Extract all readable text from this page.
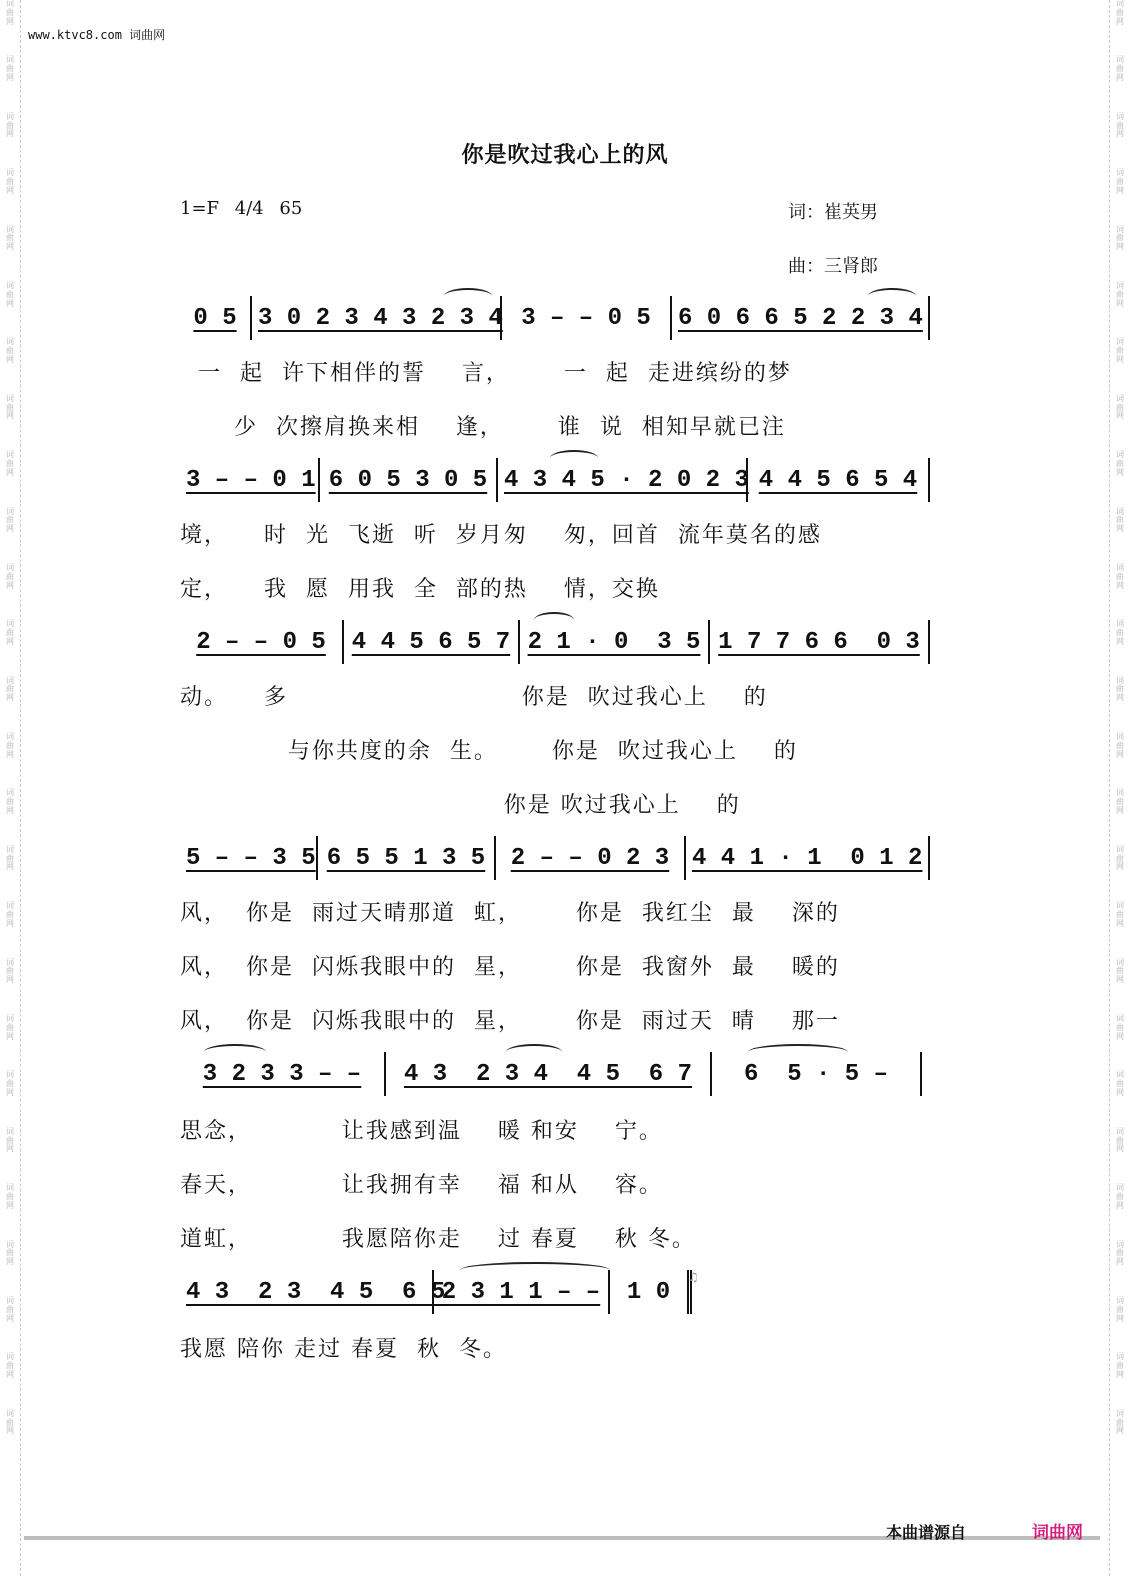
词
曲
网
词
曲
网
词
曲
网
词
曲
网
词
曲
网
词
曲
网
词
曲
网
词
曲
网
词
曲
网
词
曲
网
词
曲
网
词
曲
网
词
曲
网
词
曲
网
词
曲
网
词
曲
网
词
曲
网
词
曲
网
词
曲
网
词
曲
网
词
曲
网
词
曲
网
词
曲
网
词
曲
网
词
曲
网
词
曲
网
词
曲
网
词
曲
网
词
曲
网
词
曲
网
词
曲
网
词
曲
网
词
曲
网
词
曲
网
词
曲
网
词
曲
网
词
曲
网
词
曲
网
词
曲
网
词
曲
网
词
曲
网
词
曲
网
词
曲
网
词
曲
网
词
曲
网
词
曲
网
词
曲
网
词
曲
网
词
曲
网
词
曲
网
词
曲
网
词
曲
网
www.ktvc8.com 词曲网
你是吹过我心上的风
1=F 4/4 65	词：崔英男
曲：三肾郎
0 5 3 0 2 3 4 3 2 3 4 3 – – 0 5 6 0 6 6 5 2 2 3 4
一  起  许下相伴的誓    言，      一  起  走进缤纷的梦
少  次擦肩换来相    逢，      谁  说  相知早就已注
3 – – 0 1 6 0 5 3 0 5 4 3 4 5 · 2 0 2 3 4 4 5 6 5 4
境，    时  光  飞逝  听  岁月匆    匆，回首  流年莫名的感
定，    我  愿  用我  全  部的热    情，交换
2 – – 0 5 4 4 5 6 5 7 2 1 · 0  3 5 1 7 7 6 6  0 3
动。    多                          你是  吹过我心上    的
与你共度的余  生。      你是  吹过我心上    的
你是 吹过我心上    的
5 – – 3 5 6 5 5 1 3 5 2 – – 0 2 3 4 4 1 · 1  0 1 2
风，  你是  雨过天晴那道  虹，      你是  我红尘  最    深的
风，  你是  闪烁我眼中的  星，      你是  我窗外  最    暖的
风，  你是  闪烁我眼中的  星，      你是  雨过天  晴    那一
3 2 3 3 – – 4 3  2 3 4  4 5  6 7 6  5 · 5 –
思念，          让我感到温    暖 和安    宁。
春天，          让我拥有幸    福 和从    容。
道虹，          我愿陪你走    过 春夏    秋 冬。
4 3  2 3  4 5  6 5
2 3 1 1 – – 1 0
♫
我愿 陪你 走过 春夏  秋  冬。
本曲谱源自	词曲网
